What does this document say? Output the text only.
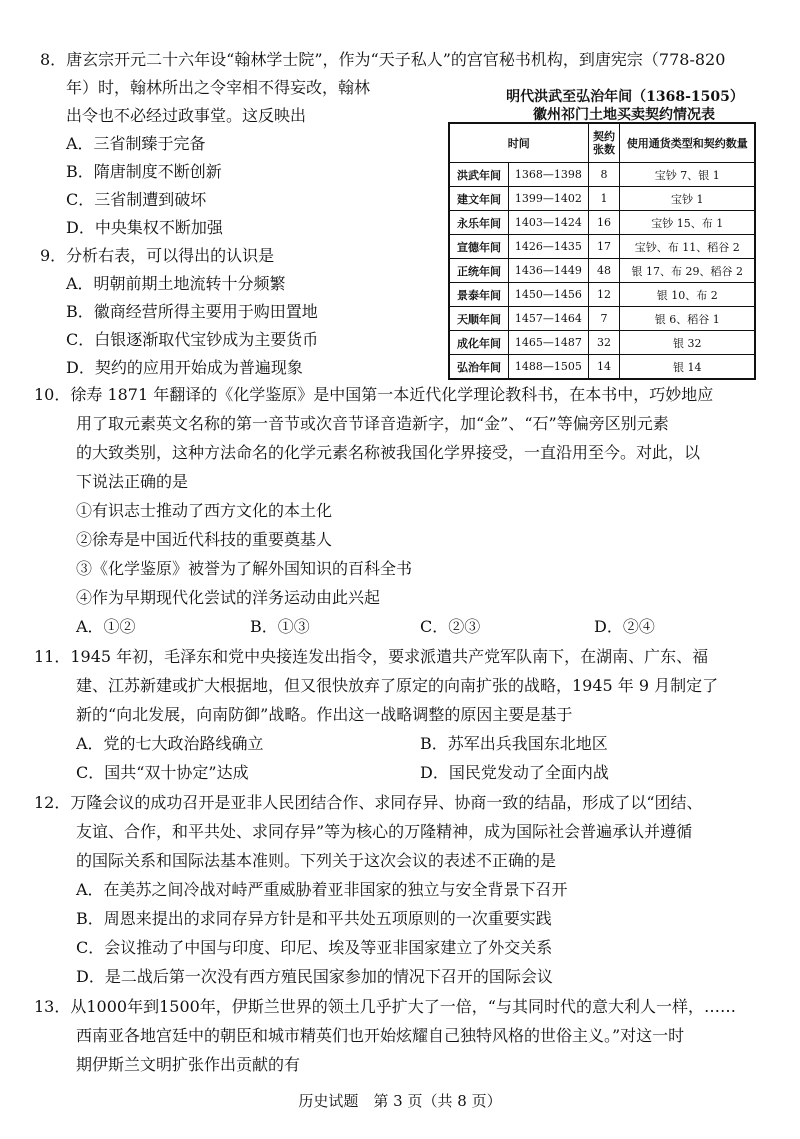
8．唐玄宗开元二十六年设“翰林学士院”，作为“天子私人”的宫官秘书机构，到唐宪宗（778-820
年）时，翰林所出之令宰相不得妄改，翰林
出令也不必经过政事堂。这反映出
A．三省制臻于完备
B．隋唐制度不断创新
C．三省制遭到破坏
D．中央集权不断加强
9．分析右表，可以得出的认识是
A．明朝前期土地流转十分频繁
B．徽商经营所得主要用于购田置地
C．白银逐渐取代宝钞成为主要货币
D．契约的应用开始成为普遍现象
明代洪武至弘治年间（1368-1505）
徽州祁门土地买卖契约情况表
时间		契约张数	使用通货类型和契约数量
洪武年间	1368—1398	8	宝钞 7、银 1
建文年间	1399—1402	1	宝钞 1
永乐年间	1403—1424	16	宝钞 15、布 1
宣德年间	1426—1435	17	宝钞、布 11、稻谷 2
正统年间	1436—1449	48	银 17、布 29、稻谷 2
景泰年间	1450—1456	12	银 10、布 2
天顺年间	1457—1464	7	银 6、稻谷 1
成化年间	1465—1487	32	银 32
弘治年间	1488—1505	14	银 14
10．徐寿 1871 年翻译的《化学鉴原》是中国第一本近代化学理论教科书，在本书中，巧妙地应
用了取元素英文名称的第一音节或次音节译音造新字，加“金”、“石”等偏旁区别元素
的大致类别，这种方法命名的化学元素名称被我国化学界接受，一直沿用至今。对此，以
下说法正确的是
①有识志士推动了西方文化的本土化
②徐寿是中国近代科技的重要奠基人
③《化学鉴原》被誉为了解外国知识的百科全书
④作为早期现代化尝试的洋务运动由此兴起
A．①②	B．①③	C．②③	D．②④
11．1945 年初，毛泽东和党中央接连发出指令，要求派遣共产党军队南下，在湖南、广东、福
建、江苏新建或扩大根据地，但又很快放弃了原定的向南扩张的战略，1945 年 9 月制定了
新的“向北发展，向南防御”战略。作出这一战略调整的原因主要是基于
A．党的七大政治路线确立	B．苏军出兵我国东北地区
C．国共“双十协定”达成	D．国民党发动了全面内战
12．万隆会议的成功召开是亚非人民团结合作、求同存异、协商一致的结晶，形成了以“团结、
友谊、合作，和平共处、求同存异”等为核心的万隆精神，成为国际社会普遍承认并遵循
的国际关系和国际法基本准则。下列关于这次会议的表述不正确的是
A．在美苏之间冷战对峙严重威胁着亚非国家的独立与安全背景下召开
B．周恩来提出的求同存异方针是和平共处五项原则的一次重要实践
C．会议推动了中国与印度、印尼、埃及等亚非国家建立了外交关系
D．是二战后第一次没有西方殖民国家参加的情况下召开的国际会议
13．从1000年到1500年，伊斯兰世界的领土几乎扩大了一倍，“与其同时代的意大利人一样，……
西南亚各地宫廷中的朝臣和城市精英们也开始炫耀自己独特风格的世俗主义。”对这一时
期伊斯兰文明扩张作出贡献的有
历史试题　第 3 页（共 8 页）
